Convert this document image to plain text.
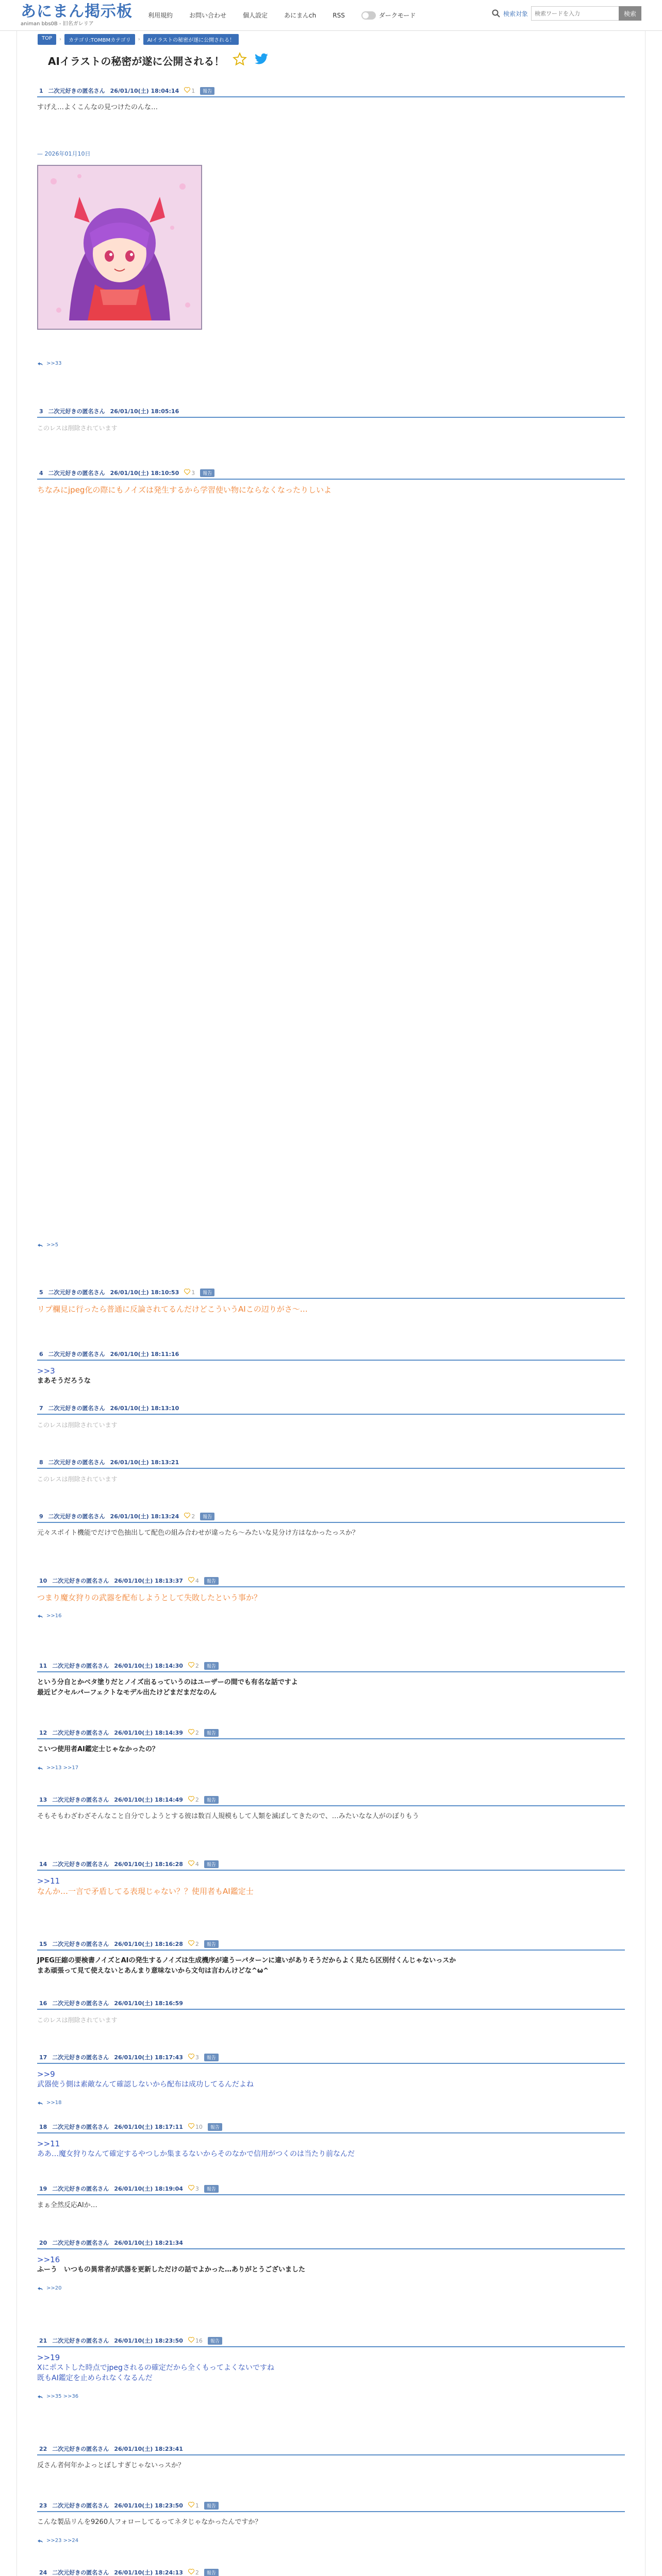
あにまん掲示板
animan bbs0B - 旧名ガレリア
利用規約	お問い合わせ	個人設定	あにまんch	RSS	ダークモード	検索対象
検索ワードを入力	検索
TOP	›	カテゴリ:TOMBMカテゴリ	›	AIイラストの秘密が遂に公開される！
AIイラストの秘密が遂に公開される！
1 二次元好きの匿名さん 26/01/10(土) 18:04:14	1	報告
すげえ…よくこんなの見つけたのんな…
— 2026年01月10日
>>33
3 二次元好きの匿名さん 26/01/10(土) 18:05:16
このレスは削除されています
4 二次元好きの匿名さん 26/01/10(土) 18:10:50	3	報告
ちなみにjpeg化の際にもノイズは発生するから学習使い物にならなくなったりしいよ
>>5
5 二次元好きの匿名さん 26/01/10(土) 18:10:53	1	報告
リプ欄見に行ったら普通に反論されてるんだけどこういうAIこの辺りがさ〜…
6 二次元好きの匿名さん 26/01/10(土) 18:11:16
>>3
まあそうだろうな
7 二次元好きの匿名さん 26/01/10(土) 18:13:10
このレスは削除されています
8 二次元好きの匿名さん 26/01/10(土) 18:13:21
このレスは削除されています
9 二次元好きの匿名さん 26/01/10(土) 18:13:24	2	報告
元々スポイト機能でだけで色抽出して配色の組み合わせが違ったら〜みたいな見分け方はなかったっスか？
10 二次元好きの匿名さん 26/01/10(土) 18:13:37	4	報告
つまり魔女狩りの武器を配布しようとして失敗したという事か？
>>16
11 二次元好きの匿名さん 26/01/10(土) 18:14:30	2	報告
という分自とかベタ塗りだとノイズ出るっていうのはユーザーの間でも有名な話ですよ
最近ピクセルパーフェクトなモデル出たけどまだまだなのん
12 二次元好きの匿名さん 26/01/10(土) 18:14:39	2	報告
こいつ使用者AI鑑定士じゃなかったの？
>>13 >>17
13 二次元好きの匿名さん 26/01/10(土) 18:14:49	2	報告
そもそもわざわざそんなこと自分でしようとする彼は数百人規模もして人類を滅ぼしてきたので、…みたいなな人がのぼりもう
14 二次元好きの匿名さん 26/01/10(土) 18:16:28	4	報告
>>11
なんか…一言で矛盾してる表現じゃない？？使用者もAI鑑定士
15 二次元好きの匿名さん 26/01/10(土) 18:16:28	2	報告
JPEG圧縮の要検書ノイズとAIの発生するノイズは生成機序が違うーパターンに違いがありそうだからよく見たら区別付くんじゃないっスか
まあ頑張って見て使えないとあんまり意味ないから文句は言わんけどな^ω^
16 二次元好きの匿名さん 26/01/10(土) 18:16:59
このレスは削除されています
17 二次元好きの匿名さん 26/01/10(土) 18:17:43	3	報告
>>9
武器使う側は素敵なんて確認しないから配布は成功してるんだよね
>>18
18 二次元好きの匿名さん 26/01/10(土) 18:17:11	10	報告
>>11
ああ…魔女狩りなんて確定するやつしか集まるないからそのなかで信用がつくのは当たり前なんだ
19 二次元好きの匿名さん 26/01/10(土) 18:19:04	3	報告
まぁ全然反応AIか…
20 二次元好きの匿名さん 26/01/10(土) 18:21:34
>>16
ふーう　いつもの異常者が武器を更新しただけの話でよかった…ありがとうございました
>>20
21 二次元好きの匿名さん 26/01/10(土) 18:23:50	16	報告
>>19
Xにポストした時点でjpegされるの確定だから全くもってよくないですね
既もAI鑑定を止められなくなるんだ
>>35 >>36
22 二次元好きの匿名さん 26/01/10(土) 18:23:41
反さん者何年かよっとぼしすぎじゃないっスか？
23 二次元好きの匿名さん 26/01/10(土) 18:23:50	1	報告
こんな製品リんを9260人フォローしてるってネタじゃなかったんですか？
>>23 >>24
24 二次元好きの匿名さん 26/01/10(土) 18:24:13	2	報告
